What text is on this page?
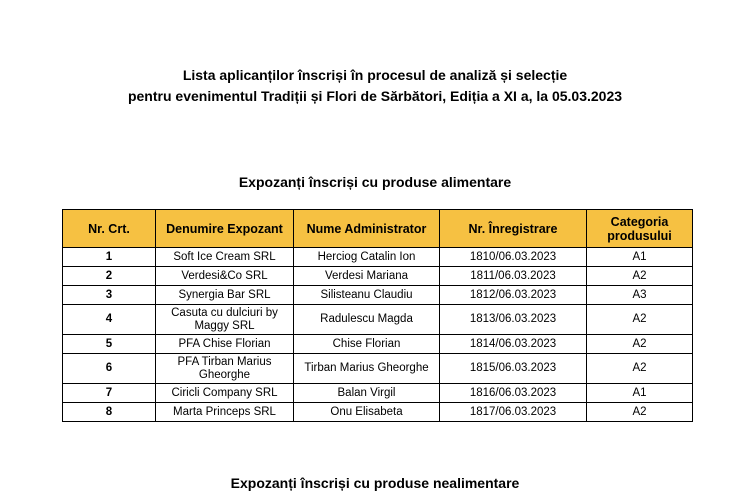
Lista aplicanților înscriși în procesul de analiză și selecție
pentru evenimentul Tradiții și Flori de Sărbători, Ediția a XI a, la 05.03.2023
Expozanți înscriși cu produse alimentare
Nr. Crt.	Denumire Expozant	Nume Administrator	Nr. Înregistrare	Categoria produsului
1	Soft Ice Cream SRL	Herciog Catalin Ion	1810/06.03.2023	A1
2	Verdesi&Co SRL	Verdesi Mariana	1811/06.03.2023	A2
3	Synergia Bar SRL	Silisteanu Claudiu	1812/06.03.2023	A3
4	Casuta cu dulciuri by Maggy SRL	Radulescu Magda	1813/06.03.2023	A2
5	PFA Chise Florian	Chise Florian	1814/06.03.2023	A2
6	PFA Tirban Marius Gheorghe	Tirban Marius Gheorghe	1815/06.03.2023	A2
7	Ciricli Company SRL	Balan Virgil	1816/06.03.2023	A1
8	Marta Princeps SRL	Onu Elisabeta	1817/06.03.2023	A2
Expozanți înscriși cu produse nealimentare
